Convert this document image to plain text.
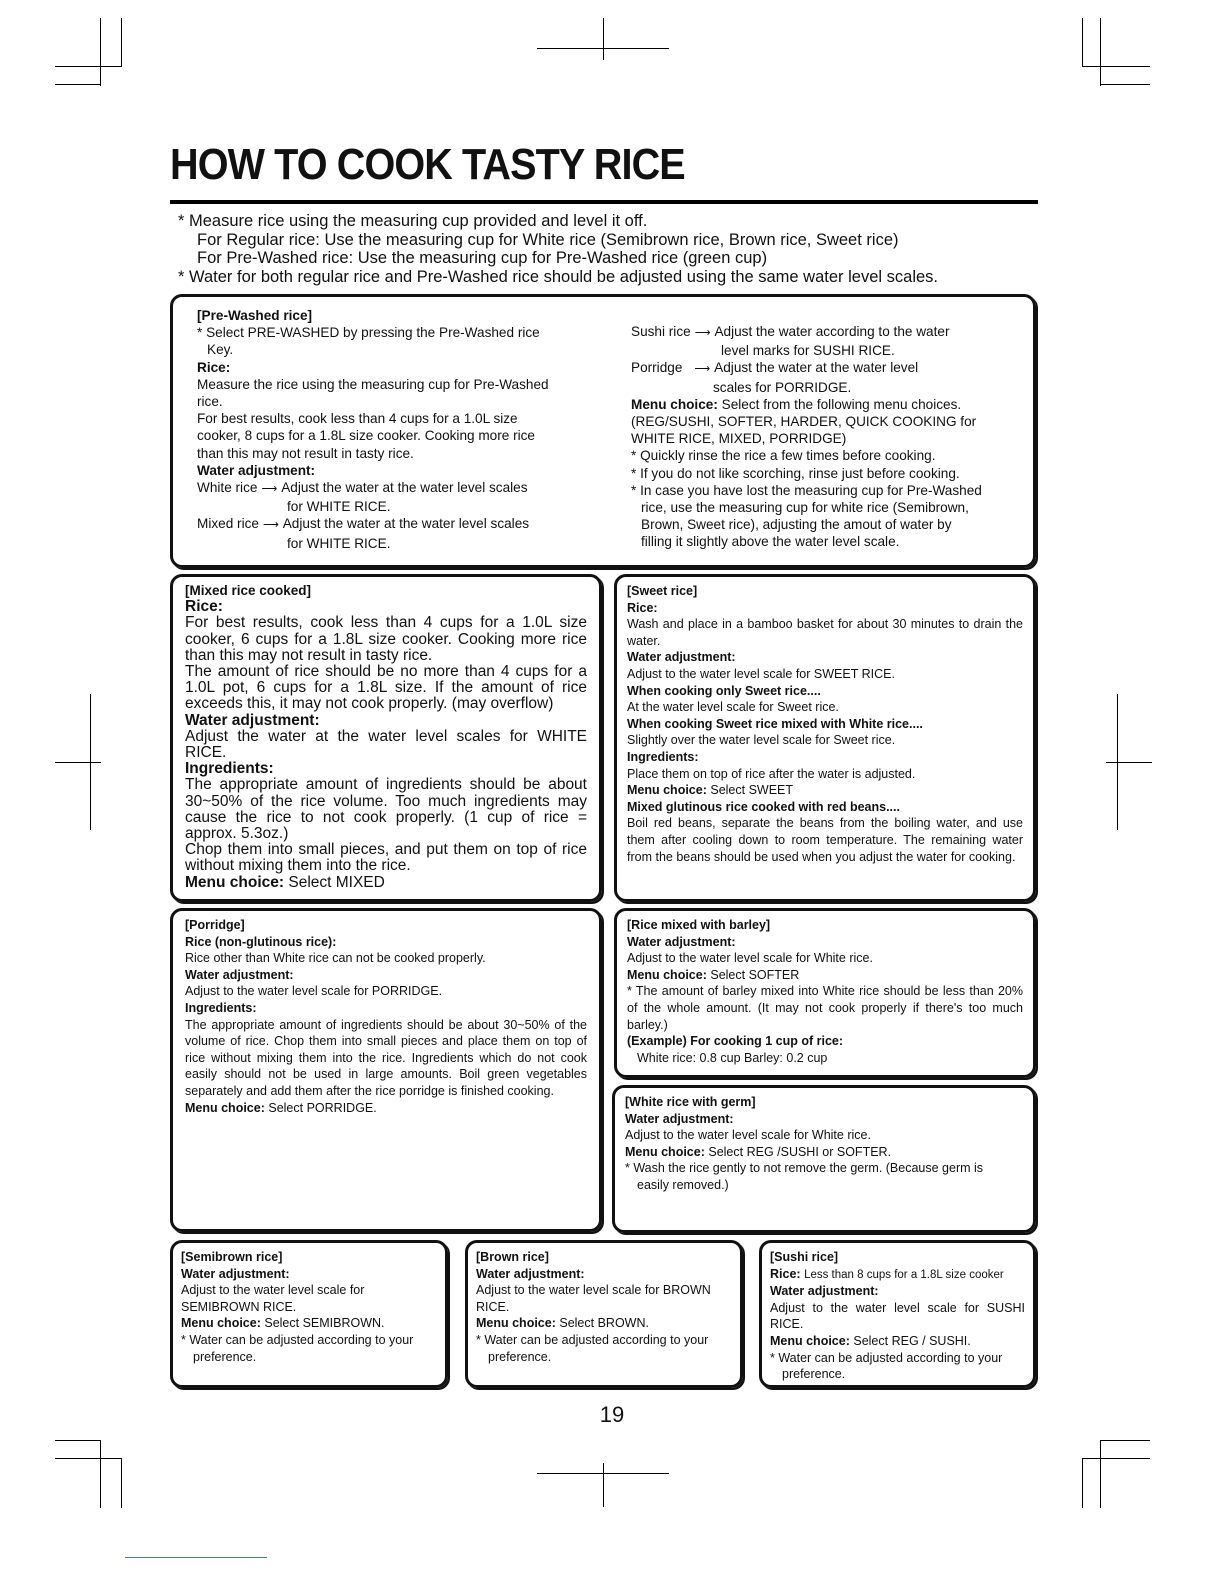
HOW TO COOK TASTY RICE
* Measure rice using the measuring cup provided and level it off.
For Regular rice: Use the measuring cup for White rice (Semibrown rice, Brown rice, Sweet rice)
For Pre-Washed rice: Use the measuring cup for Pre-Washed rice (green cup)
* Water for both regular rice and Pre-Washed rice should be adjusted using the same water level scales.

[Pre-Washed rice]

* Select PRE-WASHED by pressing the Pre-Washed rice

Key.

Rice:

Measure the rice using the measuring cup for Pre-Washed

rice.

For best results, cook less than 4 cups for a 1.0L size

cooker, 8 cups for a 1.8L size cooker. Cooking more rice

than this may not result in tasty rice.

Water adjustment:

White rice ⟶ Adjust the water at the water level scales

for WHITE RICE.

Mixed rice ⟶ Adjust the water at the water level scales

for WHITE RICE.

Sushi rice ⟶ Adjust the water according to the water

level marks for SUSHI RICE.

Porridge ⟶ Adjust the water at the water level

scales for PORRIDGE.

Menu choice: Select from the following menu choices.

(REG/SUSHI, SOFTER, HARDER, QUICK COOKING for

WHITE RICE, MIXED, PORRIDGE)

* Quickly rinse the rice a few times before cooking.

* If you do not like scorching, rinse just before cooking.

* In case you have lost the measuring cup for Pre-Washed

rice, use the measuring cup for white rice (Semibrown,

Brown, Sweet rice), adjusting the amout of water by

filling it slightly above the water level scale.

[Mixed rice cooked]

Rice:

For best results, cook less than 4 cups for a 1.0L size cooker, 6 cups for a 1.8L size cooker. Cooking more rice than this may not result in tasty rice.

The amount of rice should be no more than 4 cups for a 1.0L pot, 6 cups for a 1.8L size. If the amount of rice exceeds this, it may not cook properly. (may overflow)

Water adjustment:

Adjust the water at the water level scales for WHITE RICE.

Ingredients:

The appropriate amount of ingredients should be about 30~50% of the rice volume. Too much ingredients may cause the rice to not cook properly. (1 cup of rice = approx. 5.3oz.)

Chop them into small pieces, and put them on top of rice without mixing them into the rice.

Menu choice: Select MIXED

[Sweet rice]

Rice:

Wash and place in a bamboo basket for about 30 minutes to drain the water.

Water adjustment:

Adjust to the water level scale for SWEET RICE.

When cooking only Sweet rice....

At the water level scale for Sweet rice.

When cooking Sweet rice mixed with White rice....

Slightly over the water level scale for Sweet rice.

Ingredients:

Place them on top of rice after the water is adjusted.

Menu choice: Select SWEET

Mixed glutinous rice cooked with red beans....

Boil red beans, separate the beans from the boiling water, and use them after cooling down to room temperature. The remaining water from the beans should be used when you adjust the water for cooking.

[Porridge]

Rice (non-glutinous rice):

Rice other than White rice can not be cooked properly.

Water adjustment:

Adjust to the water level scale for PORRIDGE.

Ingredients:

The appropriate amount of ingredients should be about 30~50% of the volume of rice. Chop them into small pieces and place them on top of rice without mixing them into the rice. Ingredients which do not cook easily should not be used in large amounts. Boil green vegetables separately and add them after the rice porridge is finished cooking.

Menu choice: Select PORRIDGE.

[Rice mixed with barley]

Water adjustment:

Adjust to the water level scale for White rice.

Menu choice: Select SOFTER

* The amount of barley mixed into White rice should be less than 20% of the whole amount. (It may not cook properly if there's too much barley.)

(Example) For cooking 1 cup of rice:

White rice: 0.8 cup Barley: 0.2 cup

[White rice with germ]

Water adjustment:

Adjust to the water level scale for White rice.

Menu choice: Select REG /SUSHI or SOFTER.

* Wash the rice gently to not remove the germ. (Because germ is

easily removed.)

[Semibrown rice]

Water adjustment:

Adjust to the water level scale for

SEMIBROWN RICE.

Menu choice: Select SEMIBROWN.

* Water can be adjusted according to your

preference.

[Brown rice]

Water adjustment:

Adjust to the water level scale for BROWN

RICE.

Menu choice: Select BROWN.

* Water can be adjusted according to your

preference.

[Sushi rice]

Rice: Less than 8 cups for a 1.8L size cooker

Water adjustment:

Adjust to the water level scale for SUSHI RICE.

Menu choice: Select REG / SUSHI.

* Water can be adjusted according to your

preference.

19
